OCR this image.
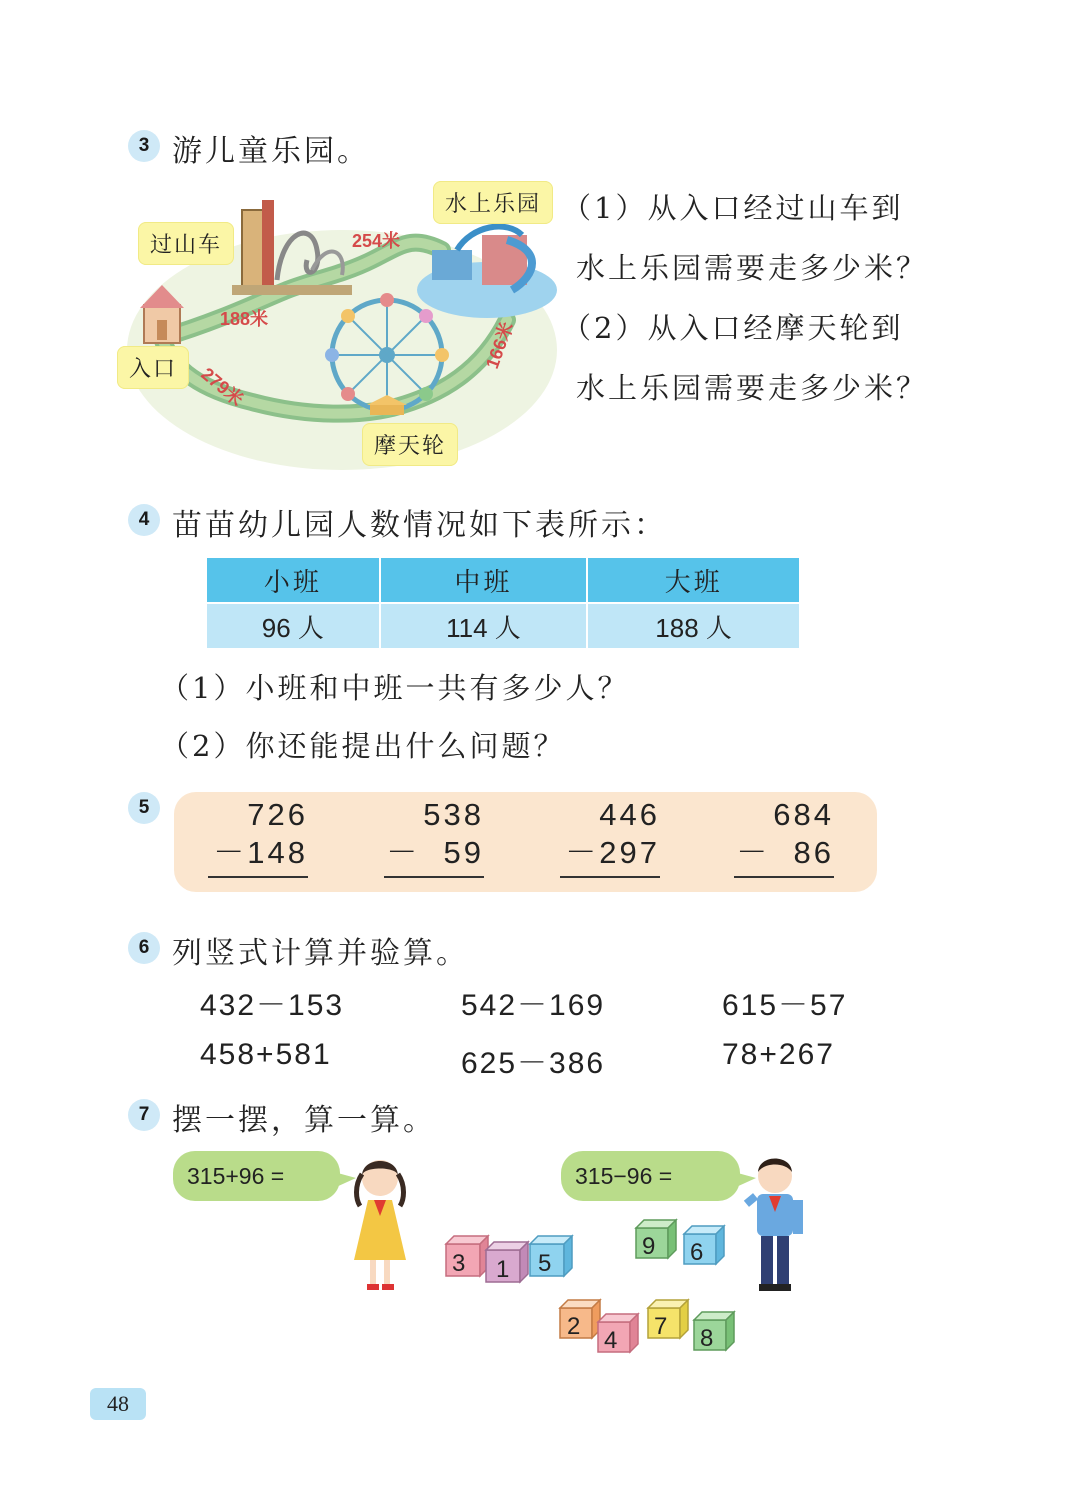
3 游儿童乐园。
254米
188米
166米
279米
过山车
水上乐园
入口
摩天轮
（1）从入口经过山车到
水上乐园需要走多少米？
（2）从入口经摩天轮到
水上乐园需要走多少米？
4 苗苗幼儿园人数情况如下表所示：
小班	中班	大班
96 人	114 人	188 人
（1）小班和中班一共有多少人？
（2）你还能提出什么问题？
5	726
－148
538
－  59
446
－297
684
－  86
6 列竖式计算并验算。
432－153	542－169	615－57
458+581	625－386	78+267
7 摆一摆，算一算。
315+96 =	315−96 =
3 1 5
9 6
2
4
7 8
48
